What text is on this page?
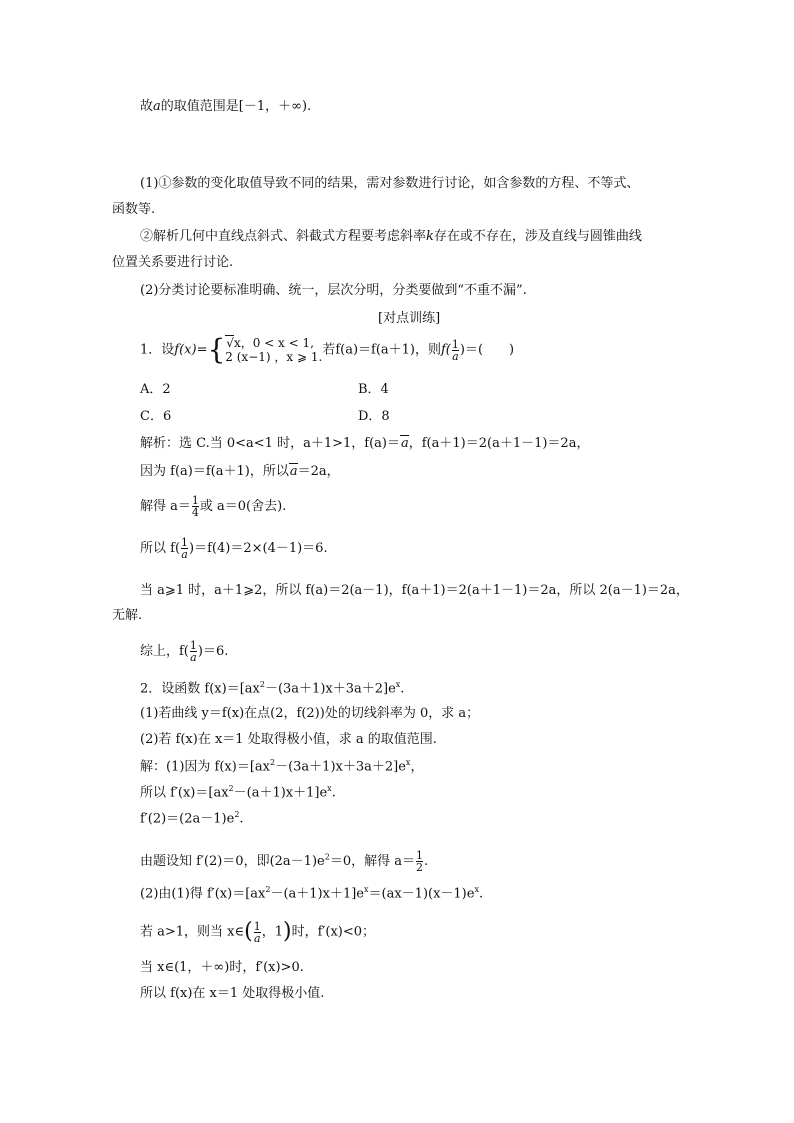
故a的取值范围是[－1，＋∞).
(1)①参数的变化取值导致不同的结果，需对参数进行讨论，如含参数的方程、不等式、
函数等.
②解析几何中直线点斜式、斜截式方程要考虑斜率k存在或不存在，涉及直线与圆锥曲线
位置关系要进行讨论.
(2)分类讨论要标准明确、统一，层次分明，分类要做到“不重不漏”.
[对点训练]
1．设f(x)={ √x，0 < x < 1,
2 (x−1) ，x ⩾ 1. 若f(a)＝f(a＋1)，则$f( \frac{1}{a}$ )＝(　　)
A．2	B．4
C．6	D．8
解析：选 C.当 0<a<1 时，a＋1>1，f(a)＝a，f(a＋1)＝2(a＋1－1)＝2a，
因为 f(a)＝f(a＋1)，所以a＝2a，
解得 $a= \frac{1}{4}$ 或 a＝0(舍去).
所以 $f( \frac{1}{a} )=f(4)=2\times(4-1)=6$.
当 a⩾1 时，a＋1⩾2，所以 f(a)＝2(a－1)，f(a＋1)＝2(a＋1－1)＝2a，所以 2(a－1)＝2a，
无解.
综上，$f( \frac{1}{a} )=6$.
2．设函数 $f(x)=[ax^2-(3a+1)x+3a+2]e^x$.
(1)若曲线 y＝f(x)在点(2，f(2))处的切线斜率为 0，求 a；
(2)若 f(x)在 x＝1 处取得极小值，求 a 的取值范围.
解：(1)因为 $f(x)=[ax^2-(3a+1)x+3a+2]e^x$，
所以 $f'(x)=[ax^2-(a+1)x+1]e^x$.
$f'(2)=(2a-1)e^2$.
由题设知 f′(2)＝0，即$(2a-1)e^2=0$，解得 $a= \frac{1}{2}$ .
(2)由(1)得 $f'(x)=[ax^2-(a+1)x+1]e^x=(ax-1)(x-1)e^x$.
若 a>1，则当 x∈( $\frac{1}{a}$ ，1)时，f′(x)<0；
当 x∈(1，＋∞)时，f′(x)>0.
所以 f(x)在 x＝1 处取得极小值.
